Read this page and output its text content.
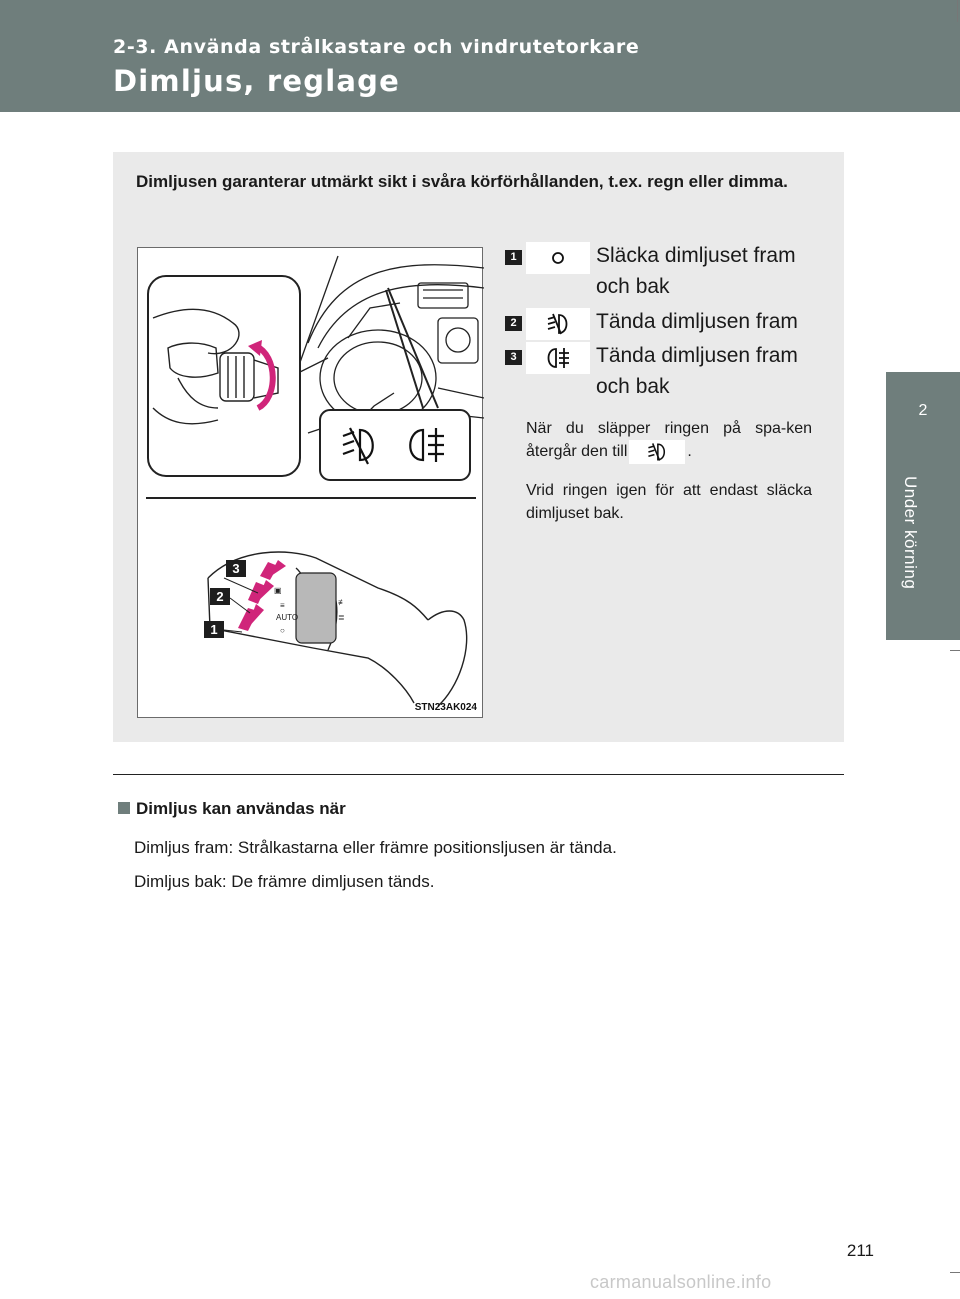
2-3. Använda strålkastare och vindrutetorkare
Dimljus, reglage
2
Under körning
Dimljusen garanterar utmärkt sikt i svåra körförhållanden, t.ex. regn eller dimma.
▣
≡
AUTO
○
≢
≣
3
2
1
STN23AK024
1	Släcka dimljuset fram
och bak
2	Tända dimljusen fram
3	Tända dimljusen fram
och bak
När du släpper ringen på spa-ken återgår den till	.
Vrid ringen igen för att endast släcka dimljuset bak.
Dimljus kan användas när
Dimljus fram: Strålkastarna eller främre positionsljusen är tända.
Dimljus bak: De främre dimljusen tänds.
211
carmanualsonline.info
